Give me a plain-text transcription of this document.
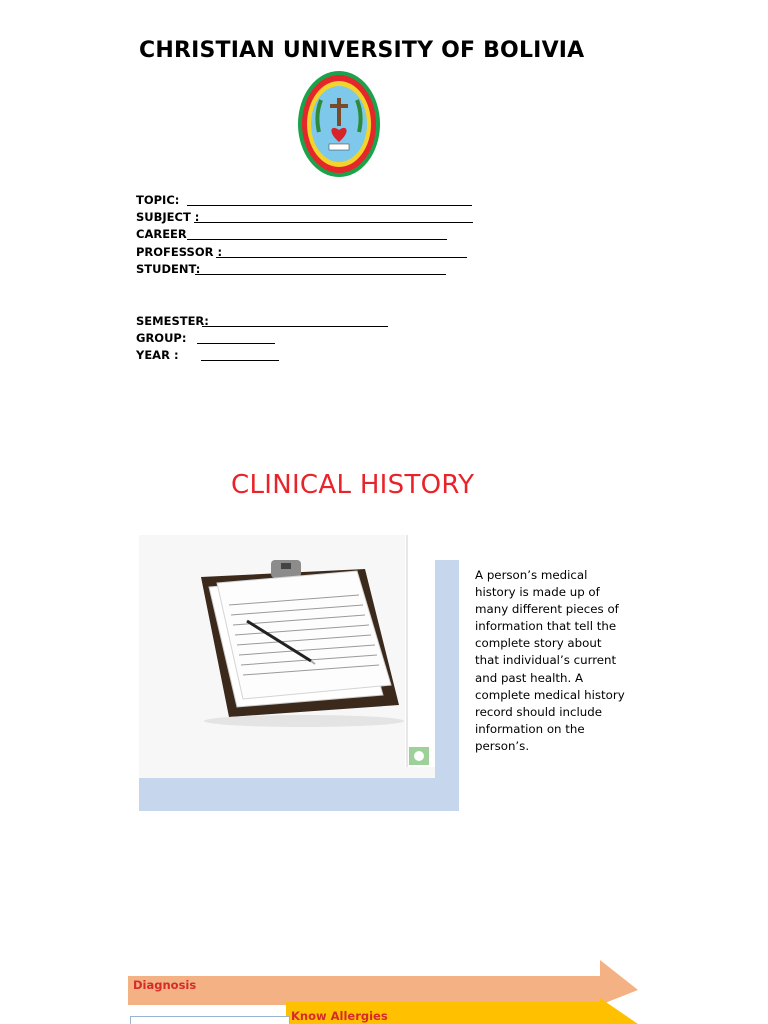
CHRISTIAN UNIVERSITY OF BOLIVIA
TOPIC:
SUBJECT :
CAREER
PROFESSOR :
STUDENT:
SEMESTER:
GROUP:
YEAR :
CLINICAL HISTORY
A person’s medical history is made up of many different pieces of information that tell the complete story about that individual’s current and past health. A complete medical history record should include information on the person’s.
Diagnosis
Know Allergies
